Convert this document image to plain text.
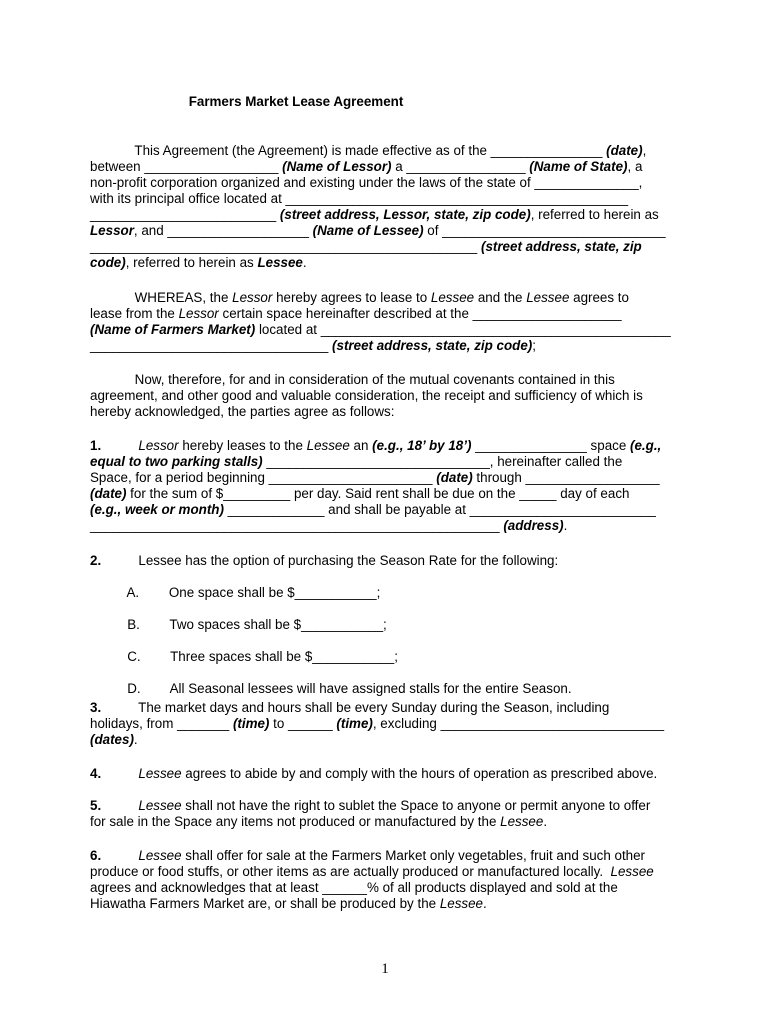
Farmers Market Lease Agreement
This Agreement (the Agreement) is made effective as of the _______________ (date),
between __________________ (Name of Lessor) a ________________ (Name of State), a
non-profit corporation organized and existing under the laws of the state of ______________,
with its principal office located at ______________________________________________
_________________________ (street address, Lessor, state, zip code), referred to herein as
Lessor, and ___________________ (Name of Lessee) of ______________________________
____________________________________________________ (street address, state, zip
code), referred to herein as Lessee.
WHEREAS, the Lessor hereby agrees to lease to Lessee and the Lessee agrees to
lease from the Lessor certain space hereinafter described at the ____________________
(Name of Farmers Market) located at _______________________________________________
________________________________ (street address, state, zip code);
Now, therefore, for and in consideration of the mutual covenants contained in this
agreement, and other good and valuable consideration, the receipt and sufficiency of which is
hereby acknowledged, the parties agree as follows:
1.	Lessor hereby leases to the Lessee an (e.g., 18’ by 18’) _______________ space (e.g.,
equal to two parking stalls) ______________________________, hereinafter called the
Space, for a period beginning ______________________ (date) through __________________
(date) for the sum of $_________ per day. Said rent shall be due on the _____ day of each
(e.g., week or month) _____________ and shall be payable at _________________________
_______________________________________________________ (address).
2.          Lessee has the option of purchasing the Season Rate for the following:
A.        One space shall be $___________;
B.        Two spaces shall be $___________;
C.        Three spaces shall be $___________;
D.        All Seasonal lessees will have assigned stalls for the entire Season.
3.          The market days and hours shall be every Sunday during the Season, including
holidays, from _______ (time) to ______ (time), excluding ______________________________
(dates).
4.	Lessee agrees to abide by and comply with the hours of operation as prescribed above.
5.	Lessee shall not have the right to sublet the Space to anyone or permit anyone to offer
for sale in the Space any items not produced or manufactured by the Lessee.
6.	Lessee shall offer for sale at the Farmers Market only vegetables, fruit and such other
produce or food stuffs, or other items as are actually produced or manufactured locally.  Lessee
agrees and acknowledges that at least ______% of all products displayed and sold at the
Hiawatha Farmers Market are, or shall be produced by the Lessee.
1
